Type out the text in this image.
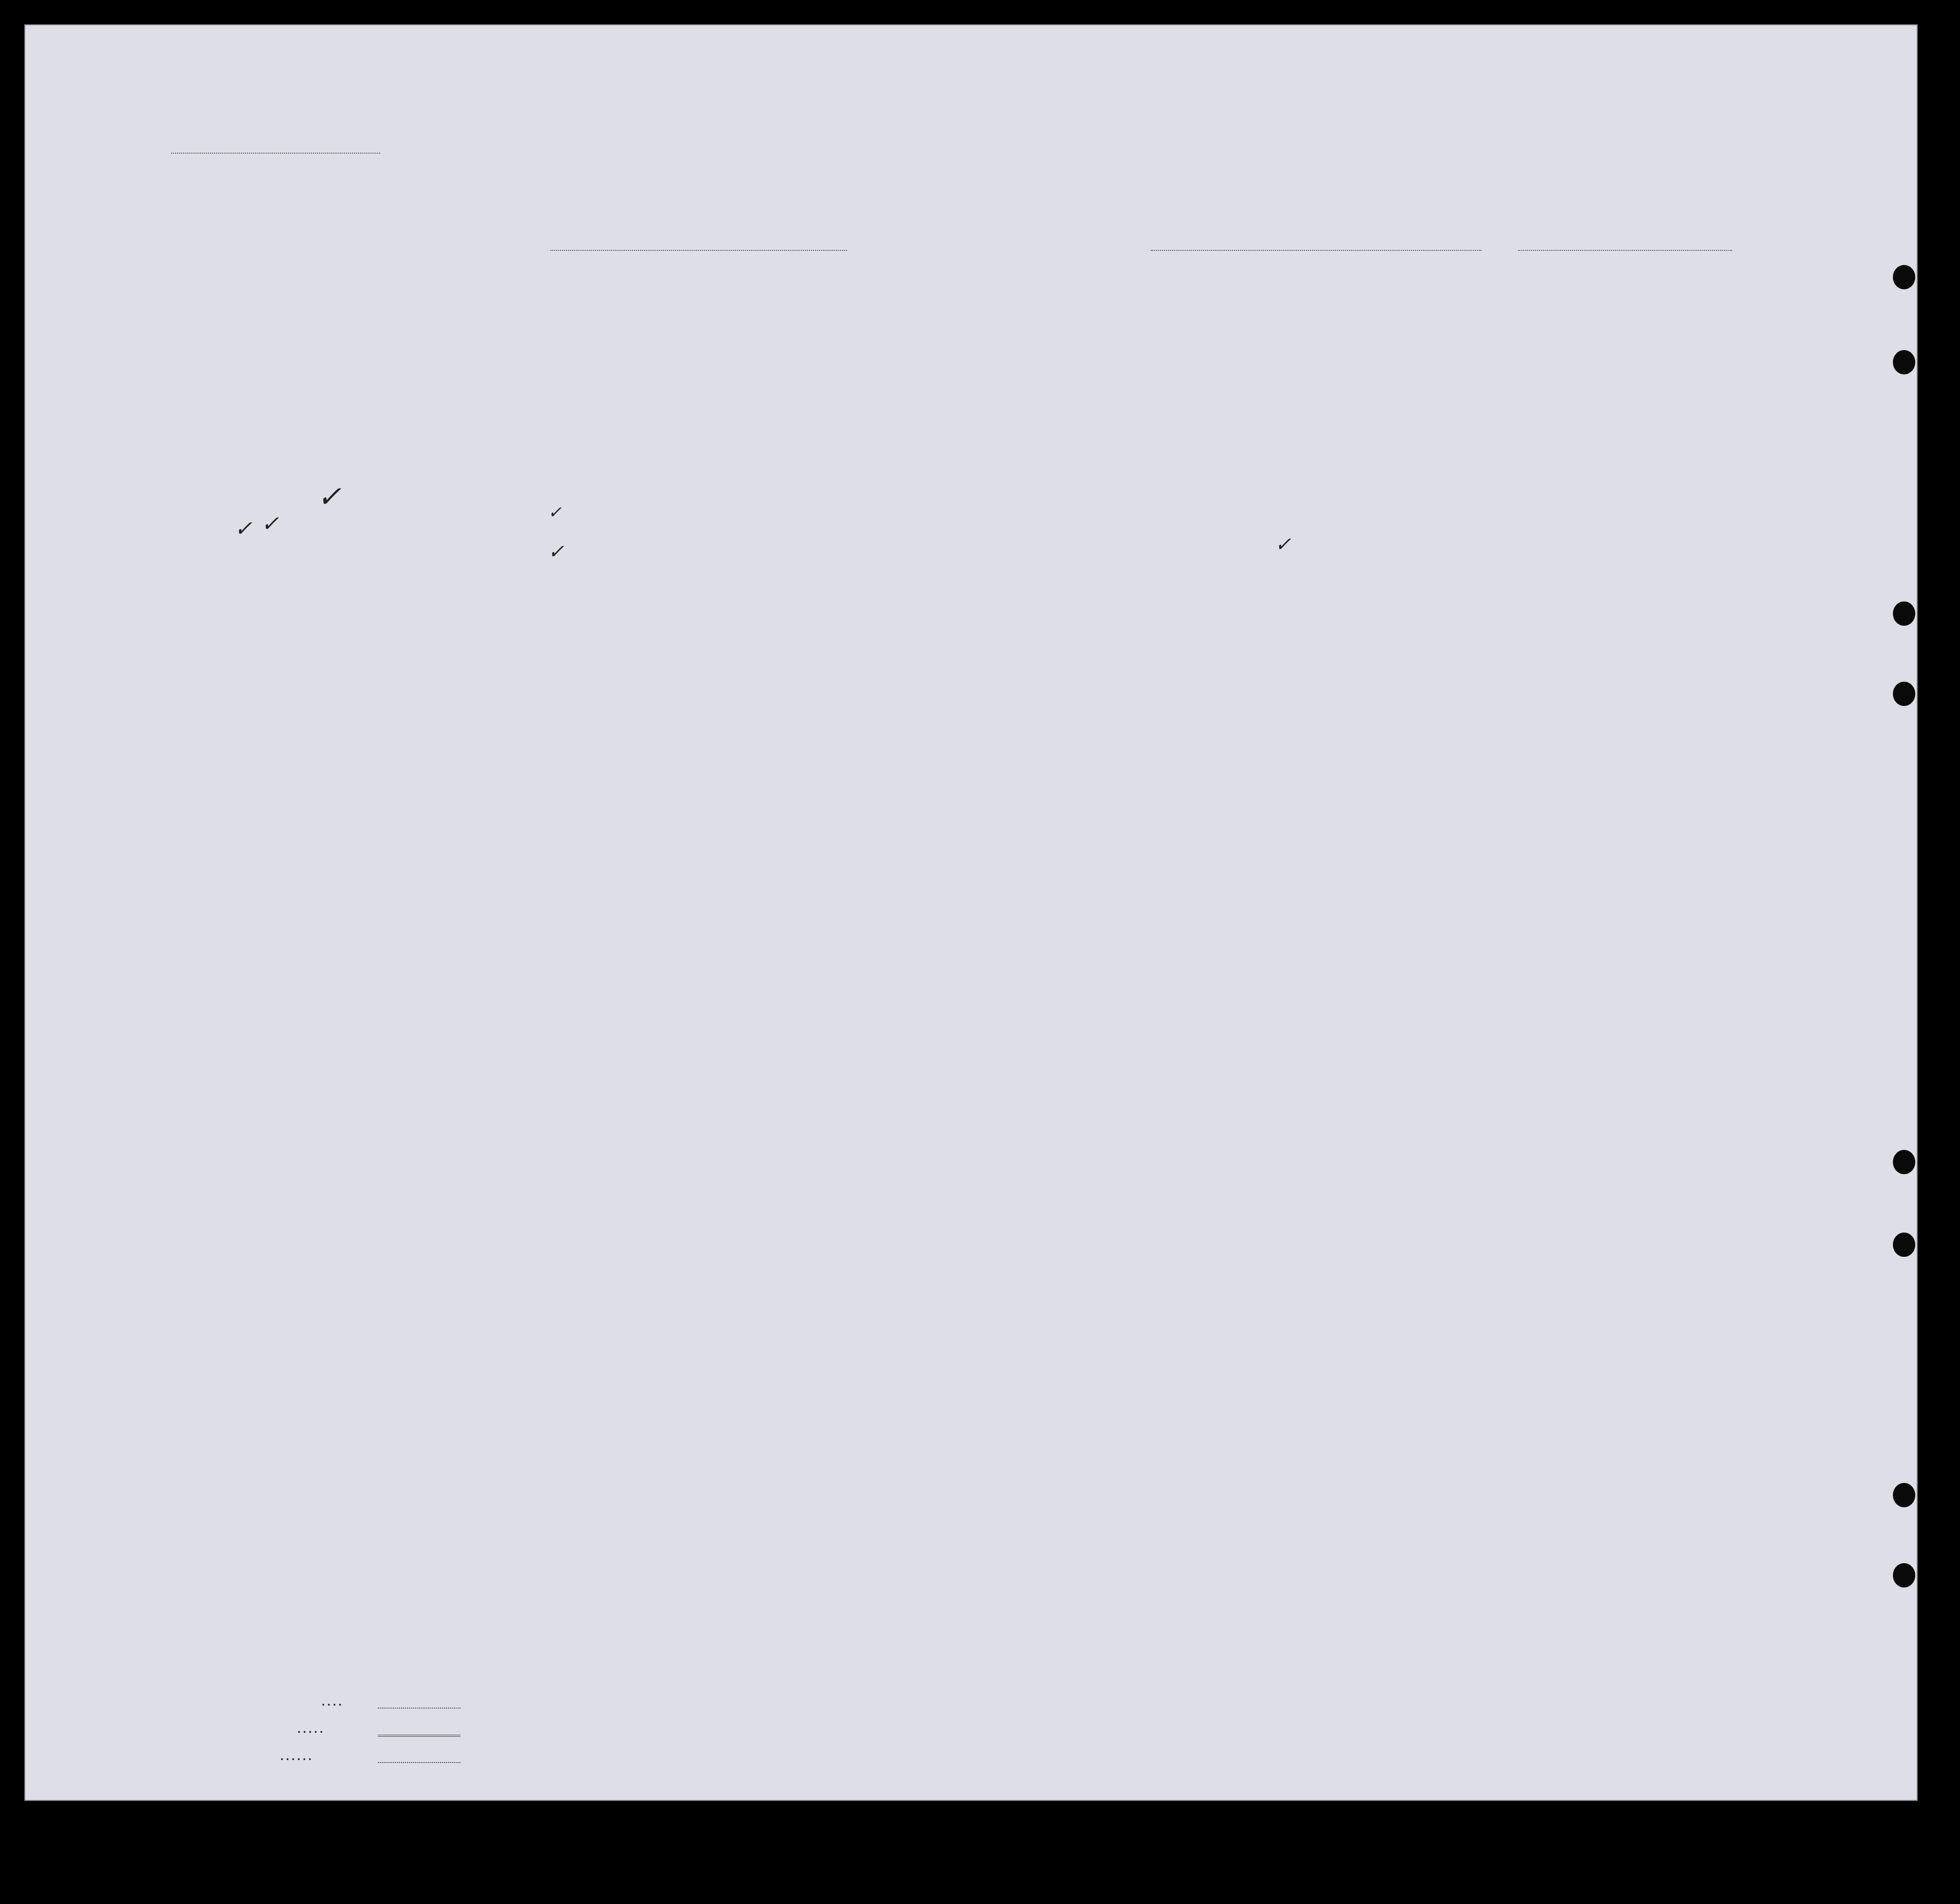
✓
✓ ✓	✓
✓	✓
. . . .
. . . . .
. . . . . .
